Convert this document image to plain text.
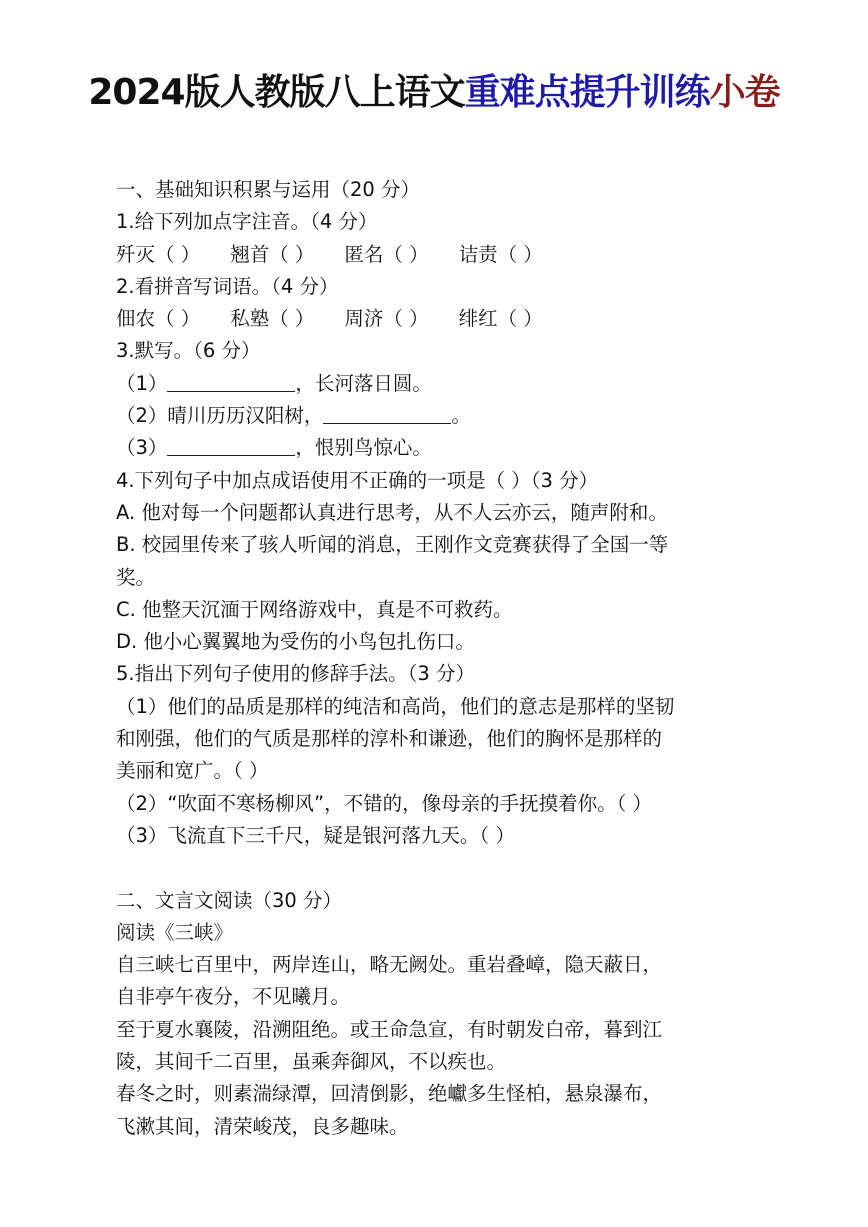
2024版人教版八上语文重难点提升训练小卷
一、基础知识积累与运用（20 分）
1.给下列加点字注音。（4 分）
歼灭（ ） 翘首（ ） 匿名（ ） 诘责（ ）
2.看拼音写词语。（4 分）
佃农（ ） 私塾（ ） 周济（ ） 绯红（ ）
3.默写。（6 分）
（1）	，长河落日圆。
（2）晴川历历汉阳树，	。
（3）	，恨别鸟惊心。
4.下列句子中加点成语使用不正确的一项是（ ）（3 分）
A. 他对每一个问题都认真进行思考，从不人云亦云，随声附和。
B. 校园里传来了骇人听闻的消息，王刚作文竞赛获得了全国一等
奖。
C. 他整天沉湎于网络游戏中，真是不可救药。
D. 他小心翼翼地为受伤的小鸟包扎伤口。
5.指出下列句子使用的修辞手法。（3 分）
（1）他们的品质是那样的纯洁和高尚，他们的意志是那样的坚韧
和刚强，他们的气质是那样的淳朴和谦逊，他们的胸怀是那样的
美丽和宽广。（ ）
（2）“吹面不寒杨柳风”，不错的，像母亲的手抚摸着你。（ ）
（3）飞流直下三千尺，疑是银河落九天。（ ）
二、文言文阅读（30 分）
阅读《三峡》
自三峡七百里中，两岸连山，略无阙处。重岩叠嶂，隐天蔽日，
自非亭午夜分，不见曦月。
至于夏水襄陵，沿溯阻绝。或王命急宣，有时朝发白帝，暮到江
陵，其间千二百里，虽乘奔御风，不以疾也。
春冬之时，则素湍绿潭，回清倒影，绝巘多生怪柏，悬泉瀑布，
飞漱其间，清荣峻茂，良多趣味。
